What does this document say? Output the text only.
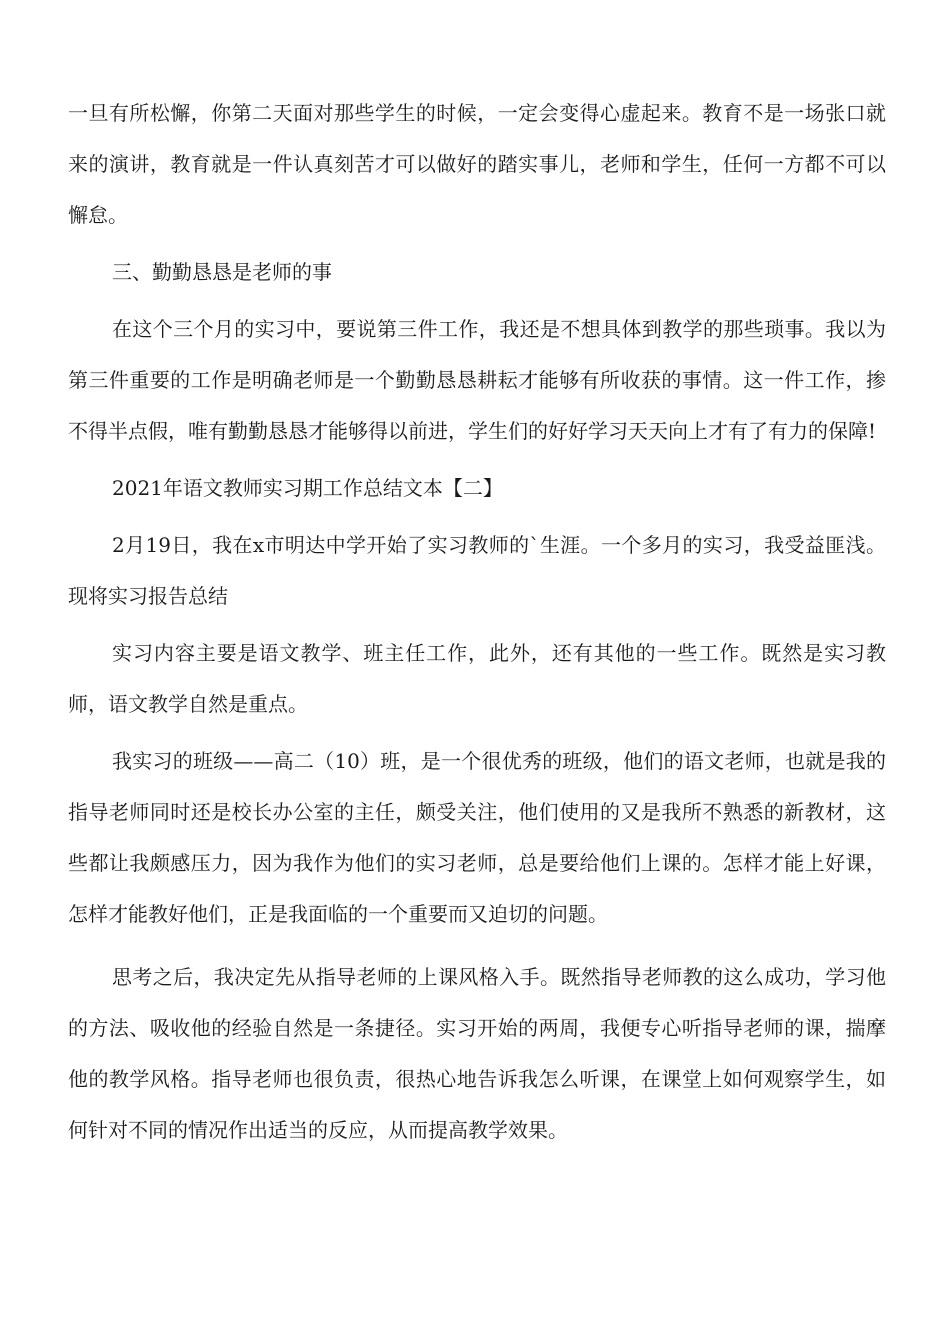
一旦有所松懈，你第二天面对那些学生的时候，一定会变得心虚起来。教育不是一场张口就来的演讲，教育就是一件认真刻苦才可以做好的踏实事儿，老师和学生，任何一方都不可以懈怠。

三、勤勤恳恳是老师的事

在这个三个月的实习中，要说第三件工作，我还是不想具体到教学的那些琐事。我以为第三件重要的工作是明确老师是一个勤勤恳恳耕耘才能够有所收获的事情。这一件工作，掺不得半点假，唯有勤勤恳恳才能够得以前进，学生们的好好学习天天向上才有了有力的保障!

2021年语文教师实习期工作总结文本【二】

2月19日，我在x市明达中学开始了实习教师的`生涯。一个多月的实习，我受益匪浅。现将实习报告总结

实习内容主要是语文教学、班主任工作，此外，还有其他的一些工作。既然是实习教师，语文教学自然是重点。

我实习的班级——高二（10）班，是一个很优秀的班级，他们的语文老师，也就是我的指导老师同时还是校长办公室的主任，颇受关注，他们使用的又是我所不熟悉的新教材，这些都让我颇感压力，因为我作为他们的实习老师，总是要给他们上课的。怎样才能上好课，怎样才能教好他们，正是我面临的一个重要而又迫切的问题。

思考之后，我决定先从指导老师的上课风格入手。既然指导老师教的这么成功，学习他的方法、吸收他的经验自然是一条捷径。实习开始的两周，我便专心听指导老师的课，揣摩他的教学风格。指导老师也很负责，很热心地告诉我怎么听课，在课堂上如何观察学生，如何针对不同的情况作出适当的反应，从而提高教学效果。
